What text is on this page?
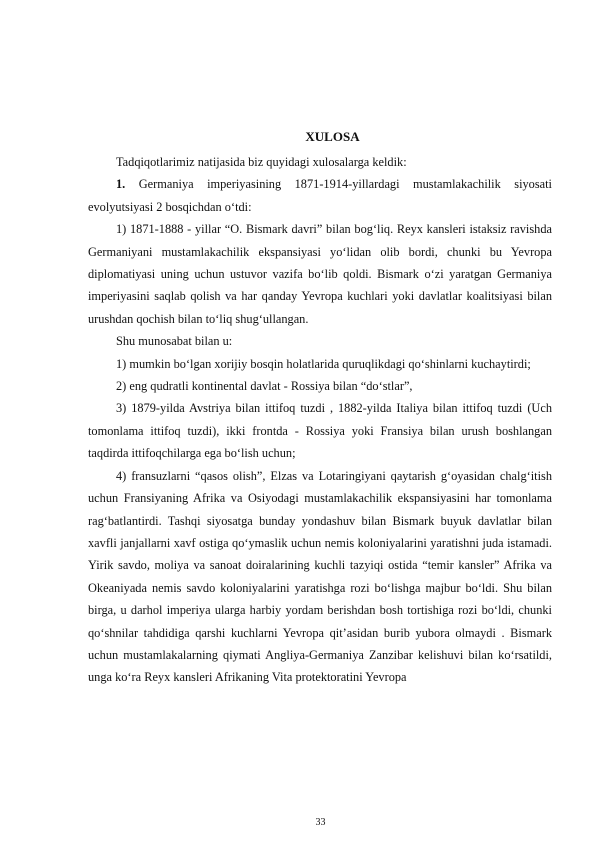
XULOSA

Tadqiqotlarimiz natijasida biz quyidagi xulosalarga keldik:

1. Germaniya imperiyasining 1871-1914-yillardagi mustamlakachilik siyosati evolyutsiyasi 2 bosqichdan o‘tdi:

1) 1871-1888 - yillar “O. Bismark davri” bilan bog‘liq. Reyx kansleri istaksiz ravishda Germaniyani mustamlakachilik ekspansiyasi yo‘lidan olib bordi, chunki bu Yevropa diplomatiyasi uning uchun ustuvor vazifa bo‘lib qoldi. Bismark o‘zi yaratgan Germaniya imperiyasini saqlab qolish va har qanday Yevropa kuchlari yoki davlatlar koalitsiyasi bilan urushdan qochish bilan to‘liq shug‘ullangan.

Shu munosabat bilan u:

1) mumkin bo‘lgan xorijiy bosqin holatlarida quruqlikdagi qo‘shinlarni kuchaytirdi;

2) eng qudratli kontinental davlat - Rossiya bilan “do‘stlar”,

3) 1879-yilda Avstriya bilan ittifoq tuzdi , 1882-yilda Italiya bilan ittifoq tuzdi (Uch tomonlama ittifoq tuzdi), ikki frontda - Rossiya yoki Fransiya bilan urush boshlangan taqdirda ittifoqchilarga ega bo‘lish uchun;

4) fransuzlarni “qasos olish”, Elzas va Lotaringiyani qaytarish g‘oyasidan chalg‘itish uchun Fransiyaning Afrika va Osiyodagi mustamlakachilik ekspansiyasini har tomonlama rag‘batlantirdi. Tashqi siyosatga bunday yondashuv bilan Bismark buyuk davlatlar bilan xavfli janjallarni xavf ostiga qo‘ymaslik uchun nemis koloniyalarini yaratishni juda istamadi. Yirik savdo, moliya va sanoat doiralarining kuchli tazyiqi ostida “temir kansler” Afrika va Okeaniyada nemis savdo koloniyalarini yaratishga rozi bo‘lishga majbur bo‘ldi. Shu bilan birga, u darhol imperiya ularga harbiy yordam berishdan bosh tortishiga rozi bo‘ldi, chunki qo‘shnilar tahdidiga qarshi kuchlarni Yevropa qit’asidan burib yubora olmaydi . Bismark uchun mustamlakalarning qiymati Angliya-Germaniya Zanzibar kelishuvi bilan ko‘rsatildi, unga ko‘ra Reyx kansleri Afrikaning Vita protektoratini Yevropa

33
